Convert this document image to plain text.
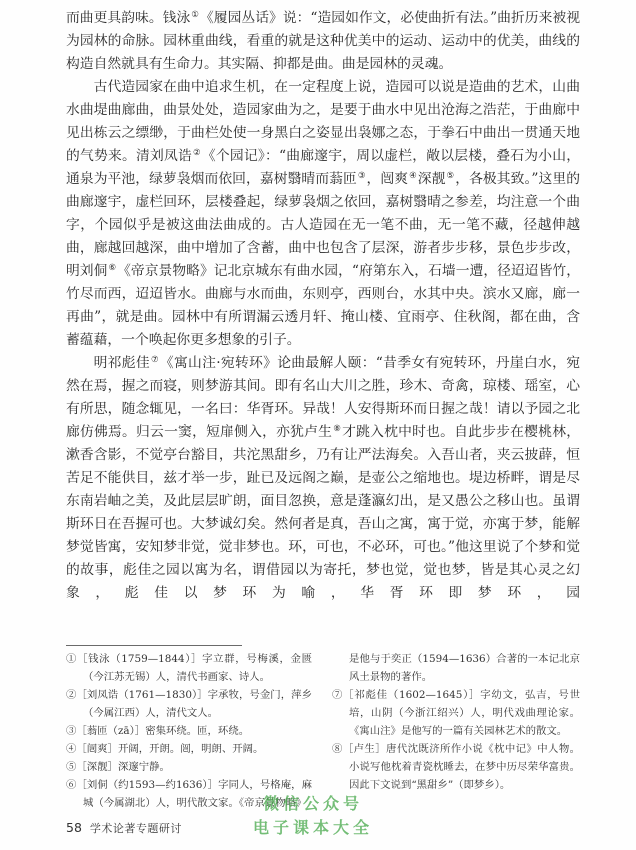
而曲更具韵味。钱泳①《履园丛话》说：“造园如作文，必使曲折有法。”曲折历来被视为园林的命脉。园林重曲线，看重的就是这种优美中的运动、运动中的优美，曲线的构造自然就具有生命力。其实隔、抑都是曲。曲是园林的灵魂。

古代造园家在曲中追求生机，在一定程度上说，造园可以说是造曲的艺术，山曲水曲堤曲廊曲，曲景处处，造园家曲为之，是要于曲水中见出沧海之浩茫，于曲廊中见出栋云之缥缈，于曲栏处使一身黑白之姿显出袅娜之态，于拳石中曲出一贯通天地的气势来。清刘凤诰②《个园记》：“曲廊邃宇，周以虚栏，敞以层楼，叠石为小山，通泉为平池，绿萝袅烟而依回，嘉树翳晴而蓊匝③，闿爽④深靓⑤，各极其致。”这里的曲廊邃宇，虚栏回环，层楼叠起，绿萝袅烟之依回，嘉树翳晴之参差，均注意一个曲字，个园似乎是被这曲法曲成的。古人造园在无一笔不曲，无一笔不藏，径越伸越曲，廊越回越深，曲中增加了含蓄，曲中也包含了层深，游者步步移，景色步步改，明刘侗⑥《帝京景物略》记北京城东有曲水园，“府第东入，石墙一遭，径迢迢皆竹，竹尽而西，迢迢皆水。曲廊与水而曲，东则亭，西则台，水其中央。滨水又廊，廊一再曲”，就是曲。园林中有所谓漏云透月轩、掩山楼、宜雨亭、住秋阁，都在曲，含蓄蕴藉，一个唤起你更多想象的引子。

明祁彪佳⑦《寓山注·宛转环》论曲最解人颐：“昔季女有宛转环，丹崖白水，宛然在焉，握之而寝，则梦游其间。即有名山大川之胜，珍木、奇禽，琼楼、瑶室，心有所思，随念辄见，一名曰：华胥环。异哉！人安得斯环而日握之哉！请以予园之北廊仿佛焉。归云一窦，短扉侧入，亦犹卢生⑧才跳入枕中时也。自此步步在樱桃林，漱香含影，不觉亭台豁目，共沱黑甜乡，乃有让严法海矣。入吾山者，夹云披薜，恒苦足不能供目，兹才举一步，趾已及远阁之巅，是壶公之缩地也。堤边桥畔，谓是尽东南岩岫之美，及此层层旷朗，面目忽换，意是蓬瀛幻出，是又愚公之移山也。虽谓斯环日在吾握可也。大梦诚幻矣。然何者是真，吾山之寓，寓于觉，亦寓于梦，能解梦觉皆寓，安知梦非觉，觉非梦也。环，可也，不必环，可也。”他这里说了个梦和觉的故事，彪佳之园以寓为名，谓借园以为寄托，梦也觉，觉也梦，皆是其心灵之幻象，彪佳以梦环为喻，华胥环即梦环，园

①［钱泳（1759—1844）］字立群，号梅溪，金匮（今江苏无锡）人，清代书画家、诗人。
②［刘凤诰（1761—1830）］字承牧，号金门，萍乡（今属江西）人，清代文人。
③［蓊匝（zā）］密集环绕。匝，环绕。
④［闿爽］开阔，开朗。闿，明朗、开阔。
⑤［深靓］深邃宁静。
⑥［刘侗（约1593—约1636）］字同人，号格庵，麻城（今属湖北）人，明代散文家。《帝京景物略》
是他与于奕正（1594—1636）合著的一本记北京风土景物的著作。
⑦［祁彪佳（1602—1645）］字幼文，弘吉，号世培，山阴（今浙江绍兴）人，明代戏曲理论家。《寓山注》是他写的一篇有关园林艺术的散文。
⑧［卢生］唐代沈既济所作小说《枕中记》中人物。小说写他枕着青瓷枕睡去，在梦中历尽荣华富贵。因此下文说到“黑甜乡”（即梦乡）。
58 学术论著专题研讨
微信公众号
电子课本大全
